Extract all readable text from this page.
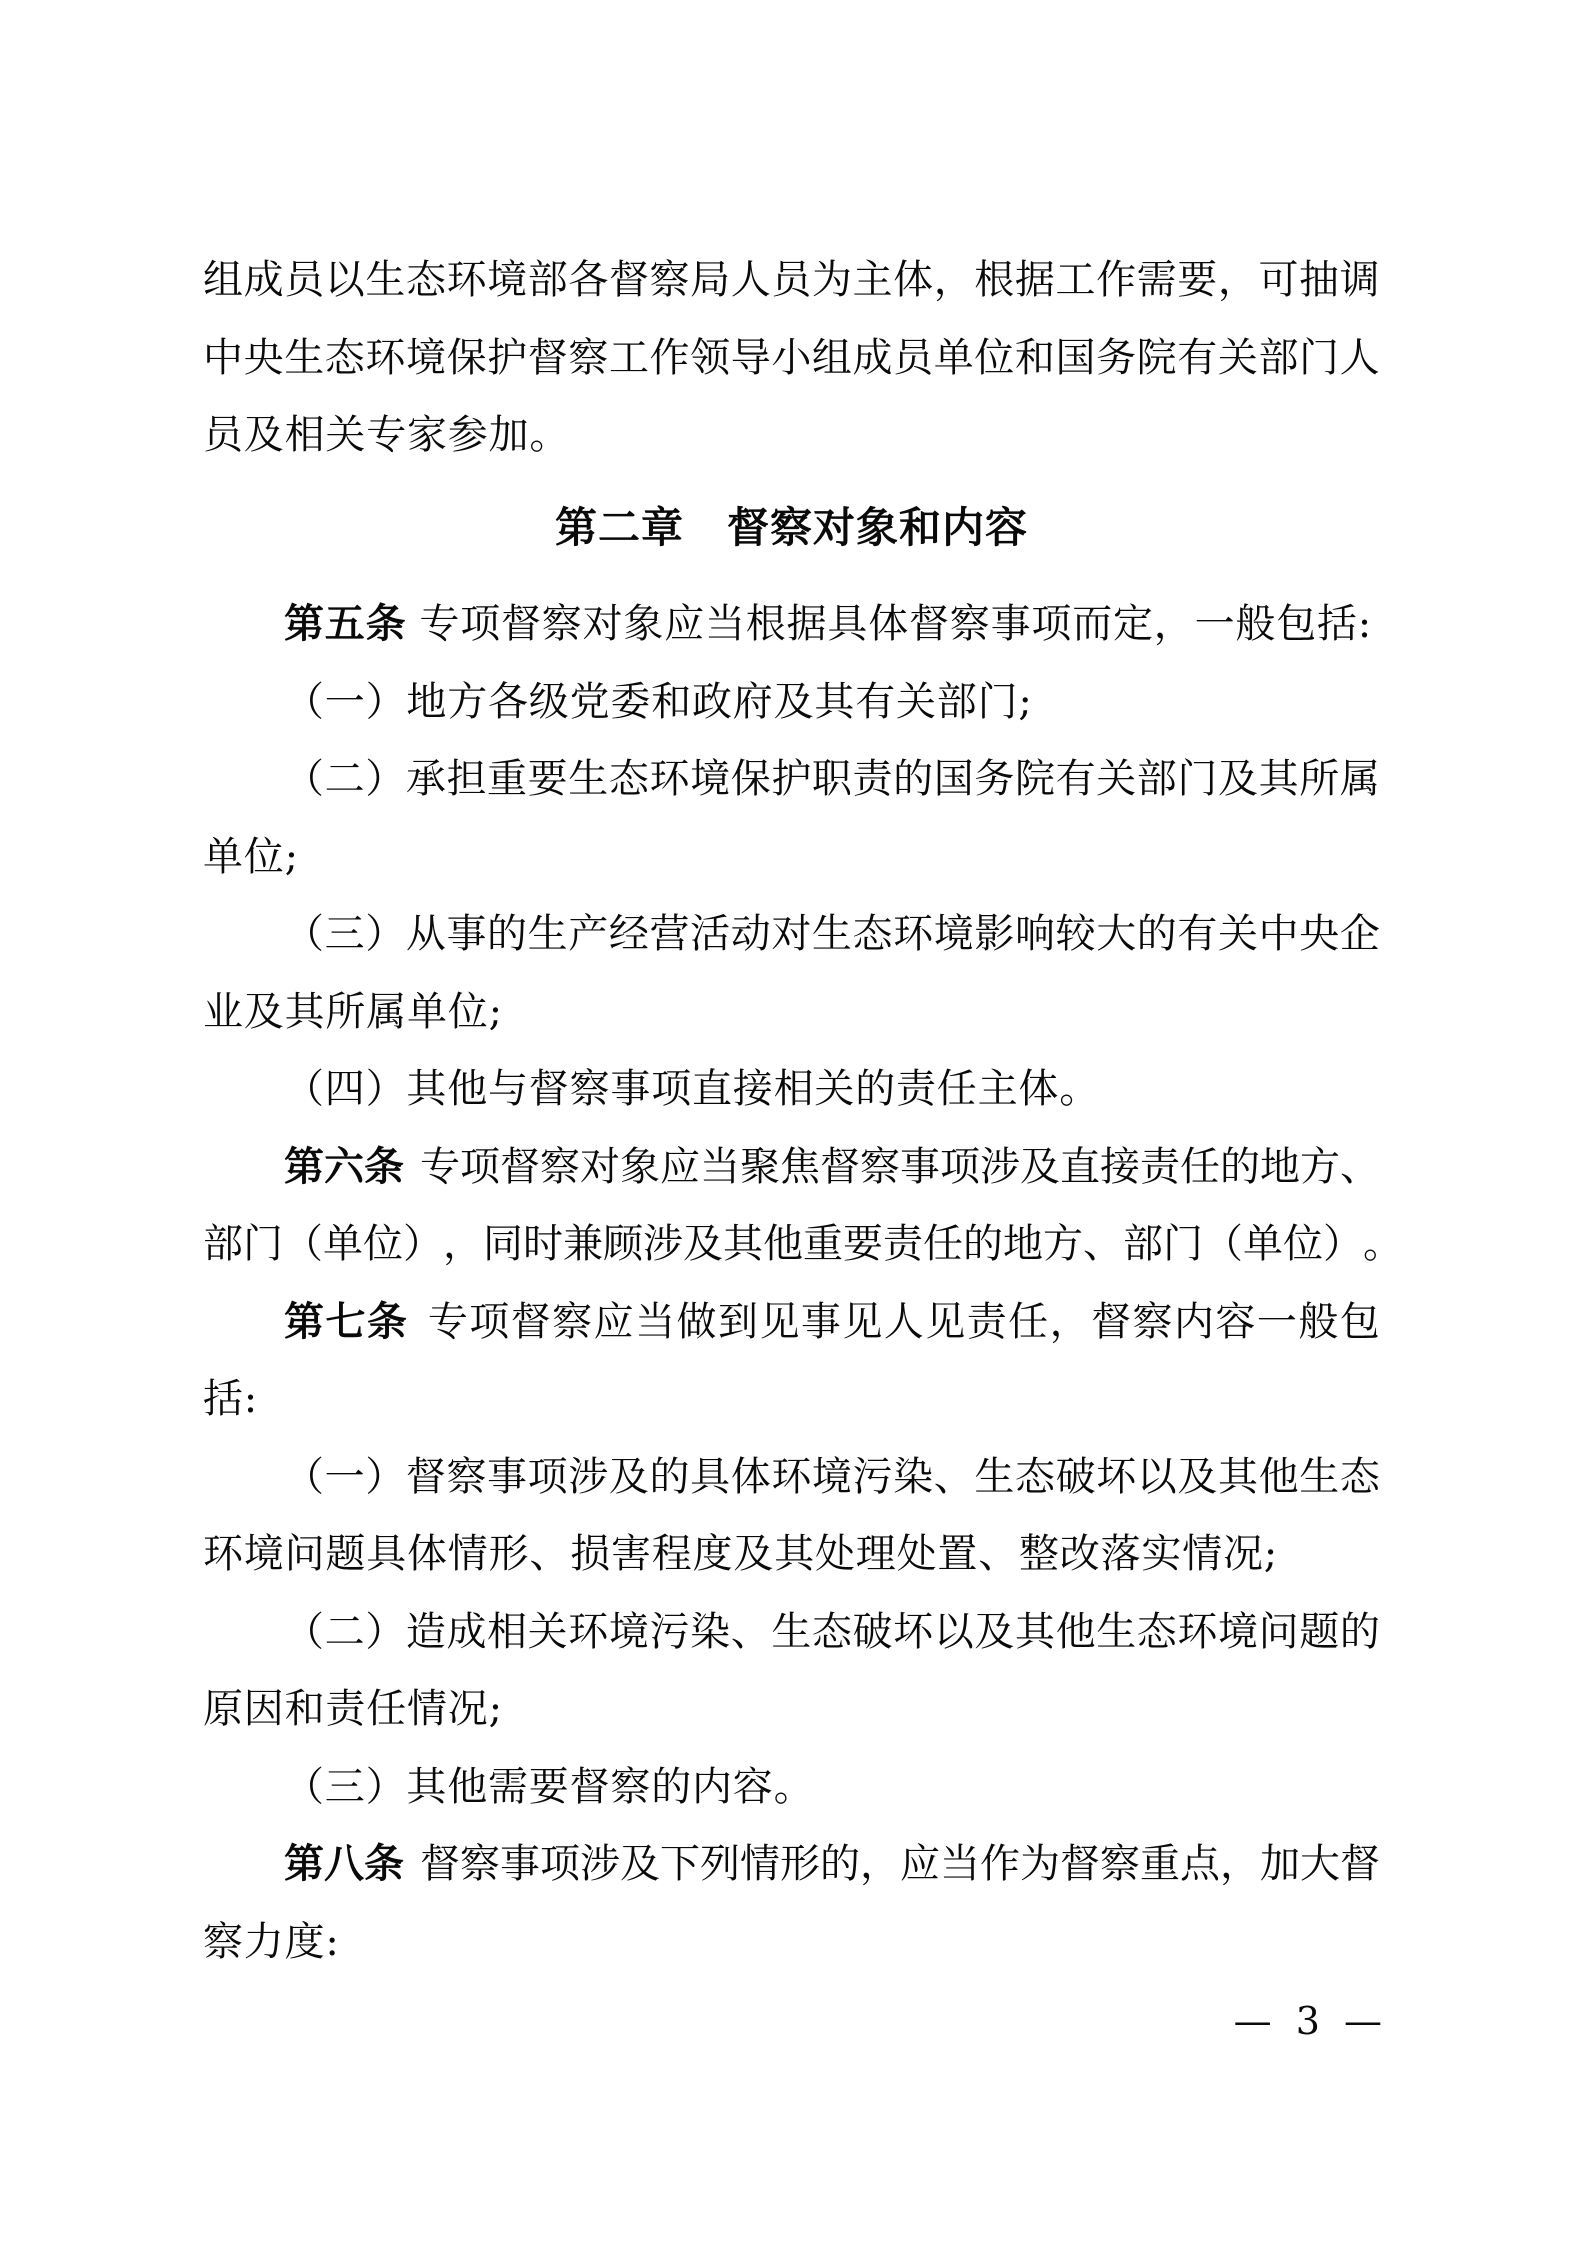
组 成 员 以 生 态 环 境 部 各 督 察 局 人 员 为 主 体 ， 根 据 工 作 需 要 ， 可 抽 调
中 央 生 态 环 境 保 护 督 察 工 作 领 导 小 组 成 员 单 位 和 国 务 院 有 关 部 门 人
员及相关专家参加。
第二章　督察对象和内容
第五条 专项督察对象应当根据具体督察事项而定，一般包括:
（一）地方各级党委和政府及其有关部门;
（ 二 ） 承 担 重 要 生 态 环 境 保 护 职 责 的 国 务 院 有 关 部 门 及 其 所 属
单位;
（ 三 ） 从 事 的 生 产 经 营 活 动 对 生 态 环 境 影 响 较 大 的 有 关 中 央 企
业及其所属单位;
（四）其他与督察事项直接相关的责任主体。
第 六 条 专 项 督 察 对 象 应 当 聚 焦 督 察 事 项 涉 及 直 接 责 任 的 地 方 、
部 门 （ 单 位 ） ， 同 时 兼 顾 涉 及 其 他 重 要 责 任 的 地 方 、 部 门 （ 单 位 ） 。
第 七 条 专 项 督 察 应 当 做 到 见 事 见 人 见 责 任 ， 督 察 内 容 一 般 包
括:
（ 一 ） 督 察 事 项 涉 及 的 具 体 环 境 污 染 、 生 态 破 坏 以 及 其 他 生 态
环境问题具体情形、损害程度及其处理处置、整改落实情况;
（ 二 ） 造 成 相 关 环 境 污 染 、 生 态 破 坏 以 及 其 他 生 态 环 境 问 题 的
原因和责任情况;
（三）其他需要督察的内容。
第 八 条 督 察 事 项 涉 及 下 列 情 形 的 ， 应 当 作 为 督 察 重 点 ， 加 大 督
察力度:
— 3 —
